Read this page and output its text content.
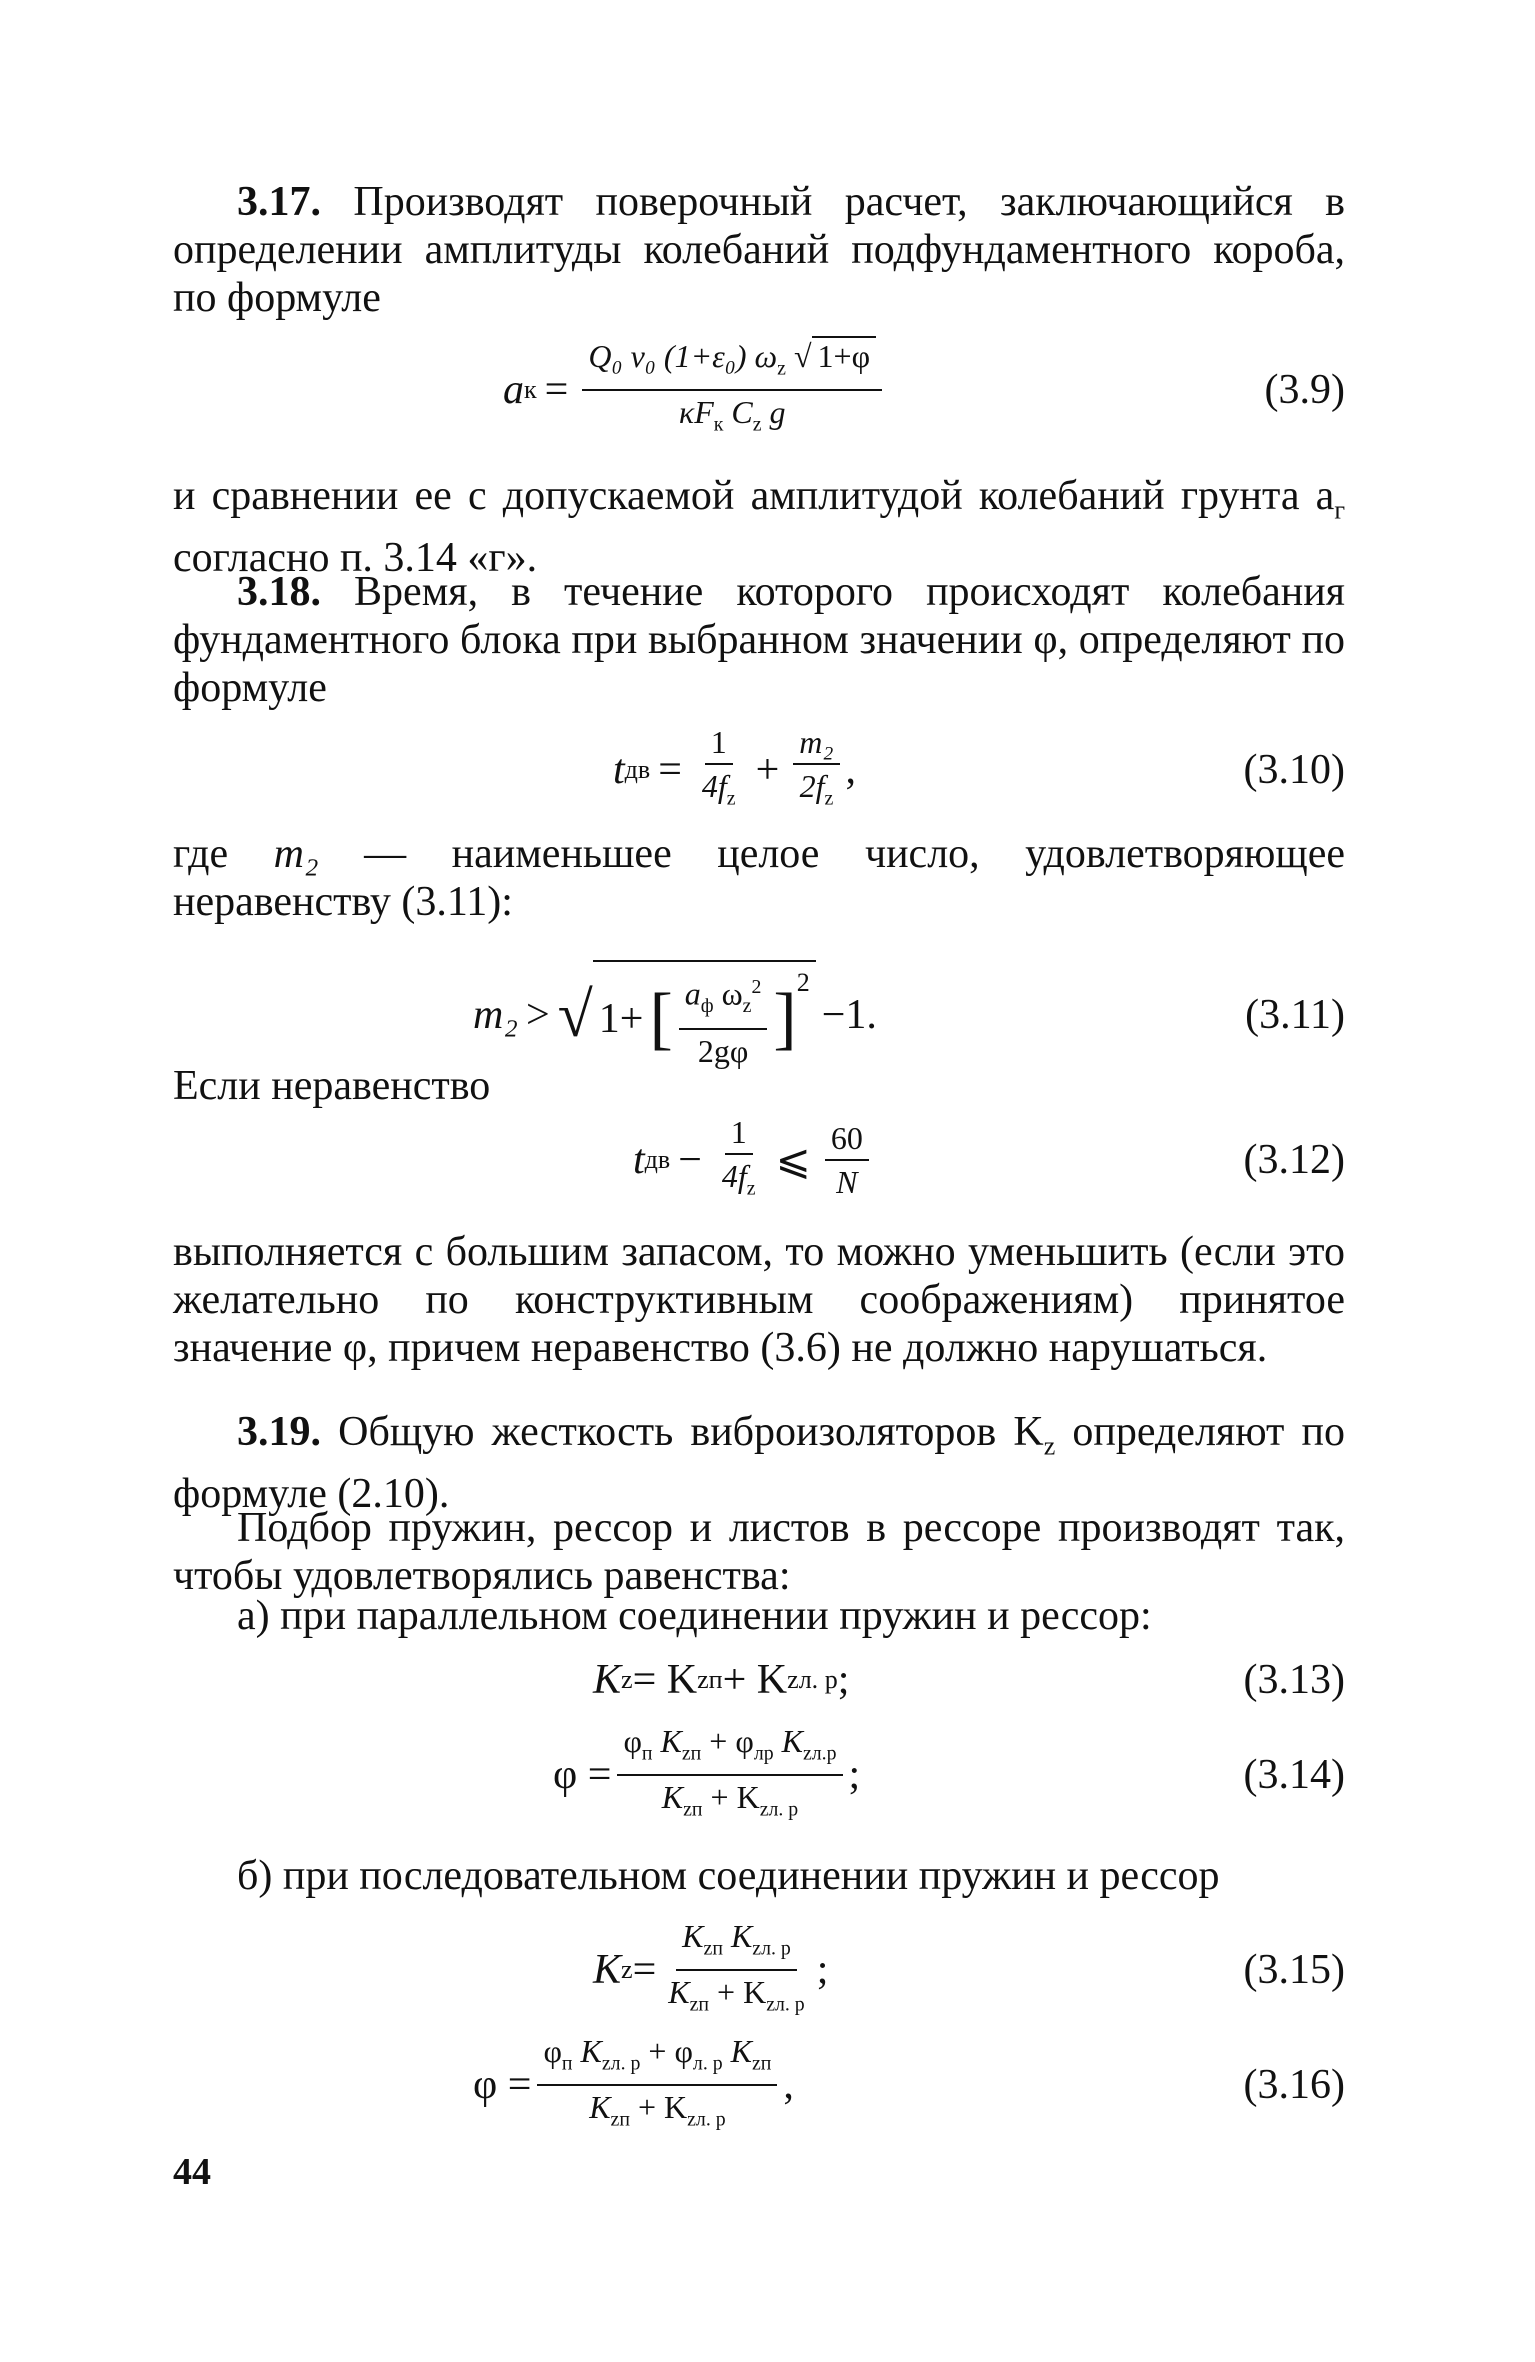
3.17. Производят поверочный расчет, заключающийся в определении амплитуды колебаний подфундаментного короба, по формуле
a $к = \frac{Q_0 v_0 (1+\varepsilon_0) \omega_z √ 1+\varphi}{\kappa F_к C_z g}$	(3.9)
и сравнении ее с допускаемой амплитудой колебаний грунта $a_г$ согласно п. 3.14 «г».
3.18. Время, в течение которого происходят колебания фундаментного блока при выбранном значении φ, определяют по формуле
t дв = $\frac{1}{4f_z} + \frac{\text{m₂}}{2f_z}$ ,	(3.10)
где m₂ — наименьшее целое число, удовлетворяющее неравенству (3.11):
m₂ > √ 1+ [ $\frac{a_ф \omega_z^2}{2g\varphi} ]^2$
−1.	(3.11)
Если неравенство
t дв − $\frac{1}{4f_z}$ ⩽ $\frac{60}{N}$	(3.12)
выполняется с большим запасом, то можно уменьшить (если это желательно по конструктивным соображениям) принятое значение φ, причем неравенство (3.6) не должно нарушаться.
3.19. Общую жесткость виброизоляторов $K_z$ определяют по формуле (2.10).
Подбор пружин, рессор и листов в рессоре производят так, чтобы удовлетворялись равенства:
а) при параллельном соединении пружин и рессор:
K z = K zп + K zл. р ;	(3.13)
$\varphi = \frac{\varphi_п K_{zп} + \varphi_{лр} K_{zл.р}}{K_{zп} + K_{zл. р}}$ ;	(3.14)
б) при последовательном соединении пружин и рессор
K $z = \frac{K_{zп} K_{zл. р}}{K_{zп} + K_{zл. р}}$ ;	(3.15)
$\varphi = \frac{\varphi_п K_{zл. р} + \varphi_{л. р} K_{zп}}{K_{zп} + K_{zл. р}}$ ,	(3.16)
44
